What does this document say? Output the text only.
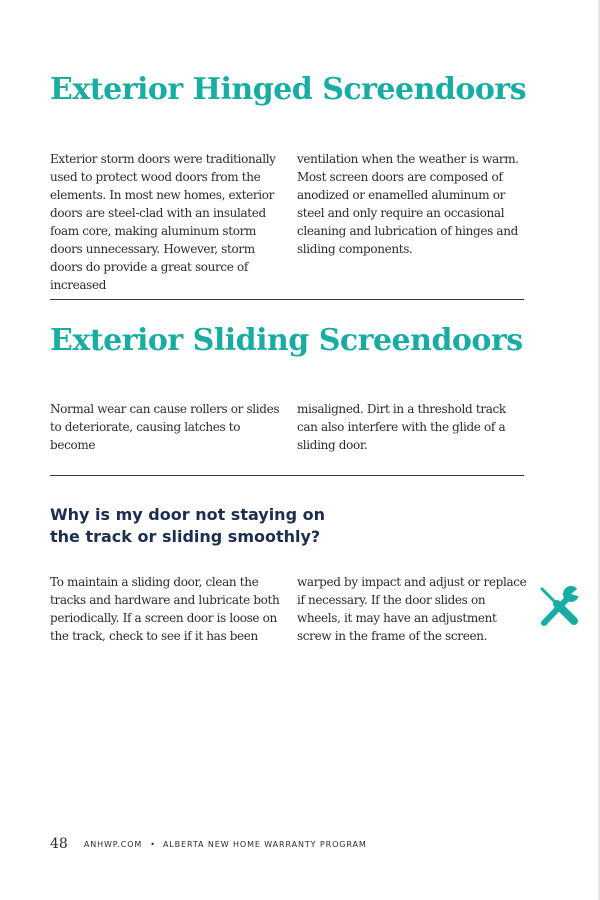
Exterior Hinged Screendoors

Exterior storm doors were traditionally used to protect wood doors from the elements. In most new homes, exterior doors are steel-clad with an insulated foam core, making aluminum storm doors unnecessary. However, storm doors do provide a great source of increased

ventilation when the weather is warm. Most screen doors are composed of anodized or enamelled aluminum or steel and only require an occasional cleaning and lubrication of hinges and sliding components.

Exterior Sliding Screendoors

Normal wear can cause rollers or slides to deteriorate, causing latches to become

misaligned. Dirt in a threshold track can also interfere with the glide of a sliding door.

Why is my door not staying on the track or sliding smoothly?

To maintain a sliding door, clean the tracks and hardware and lubricate both periodically. If a screen door is loose on the track, check to see if it has been

warped by impact and adjust or replace if necessary. If the door slides on wheels, it may have an adjustment screw in the frame of the screen.

48 ANHWP.COM • ALBERTA NEW HOME WARRANTY PROGRAM
